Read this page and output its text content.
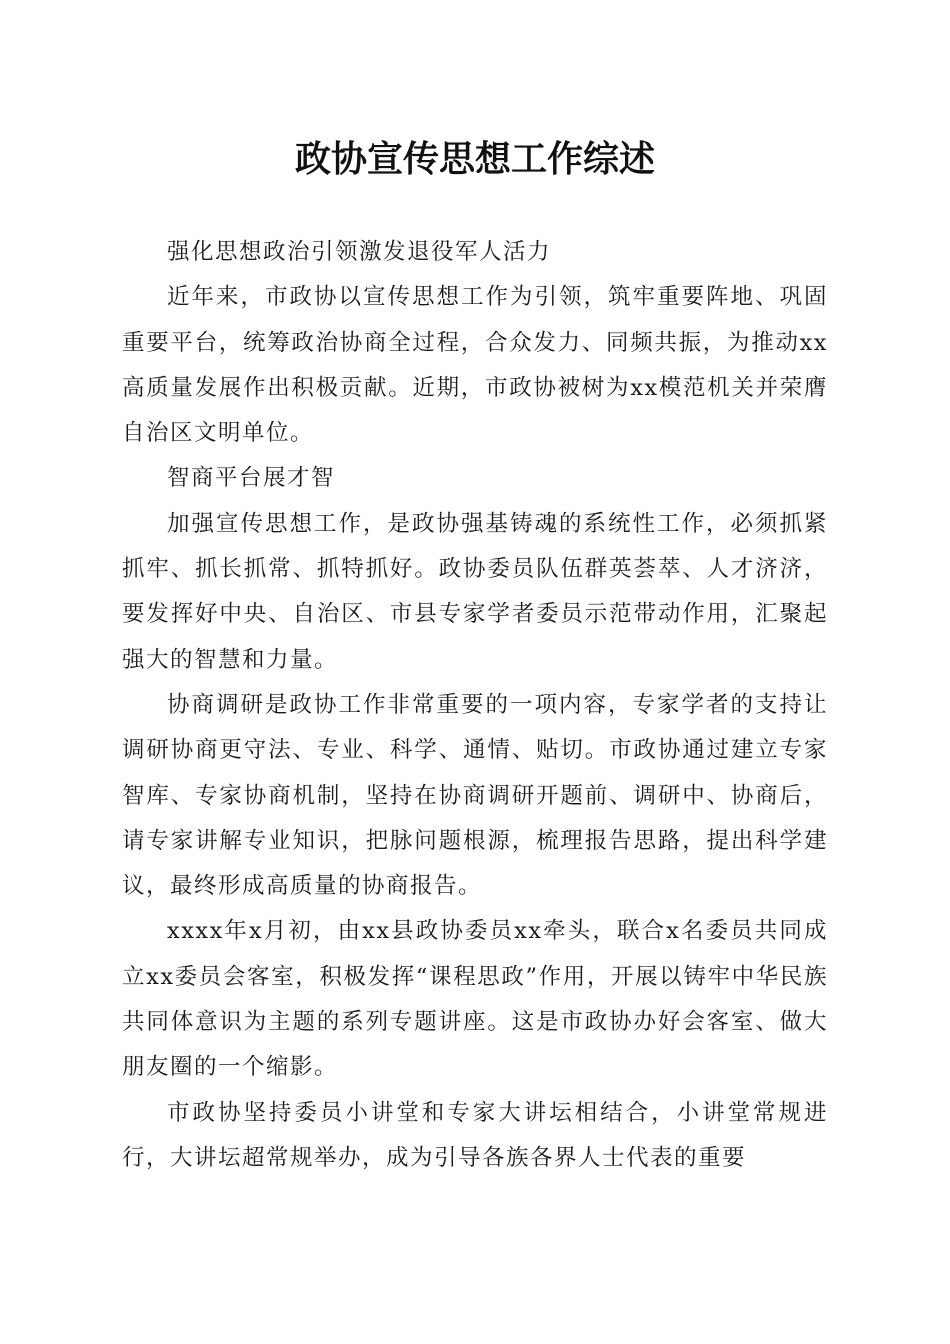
政协宣传思想工作综述

强化思想政治引领激发退役军人活力

近年来，市政协以宣传思想工作为引领，筑牢重要阵地、巩固重要平台，统筹政治协商全过程，合众发力、同频共振，为推动xx高质量发展作出积极贡献。近期，市政协被树为xx模范机关并荣膺自治区文明单位。

智商平台展才智

加强宣传思想工作，是政协强基铸魂的系统性工作，必须抓紧抓牢、抓长抓常、抓特抓好。政协委员队伍群英荟萃、人才济济，要发挥好中央、自治区、市县专家学者委员示范带动作用，汇聚起强大的智慧和力量。

协商调研是政协工作非常重要的一项内容，专家学者的支持让调研协商更守法、专业、科学、通情、贴切。市政协通过建立专家智库、专家协商机制，坚持在协商调研开题前、调研中、协商后，请专家讲解专业知识，把脉问题根源，梳理报告思路，提出科学建议，最终形成高质量的协商报告。

xxxx年x月初，由xx县政协委员xx牵头，联合x名委员共同成立xx委员会客室，积极发挥“课程思政”作用，开展以铸牢中华民族共同体意识为主题的系列专题讲座。这是市政协办好会客室、做大朋友圈的一个缩影。

市政协坚持委员小讲堂和专家大讲坛相结合，小讲堂常规进行，大讲坛超常规举办，成为引导各族各界人士代表的重要
